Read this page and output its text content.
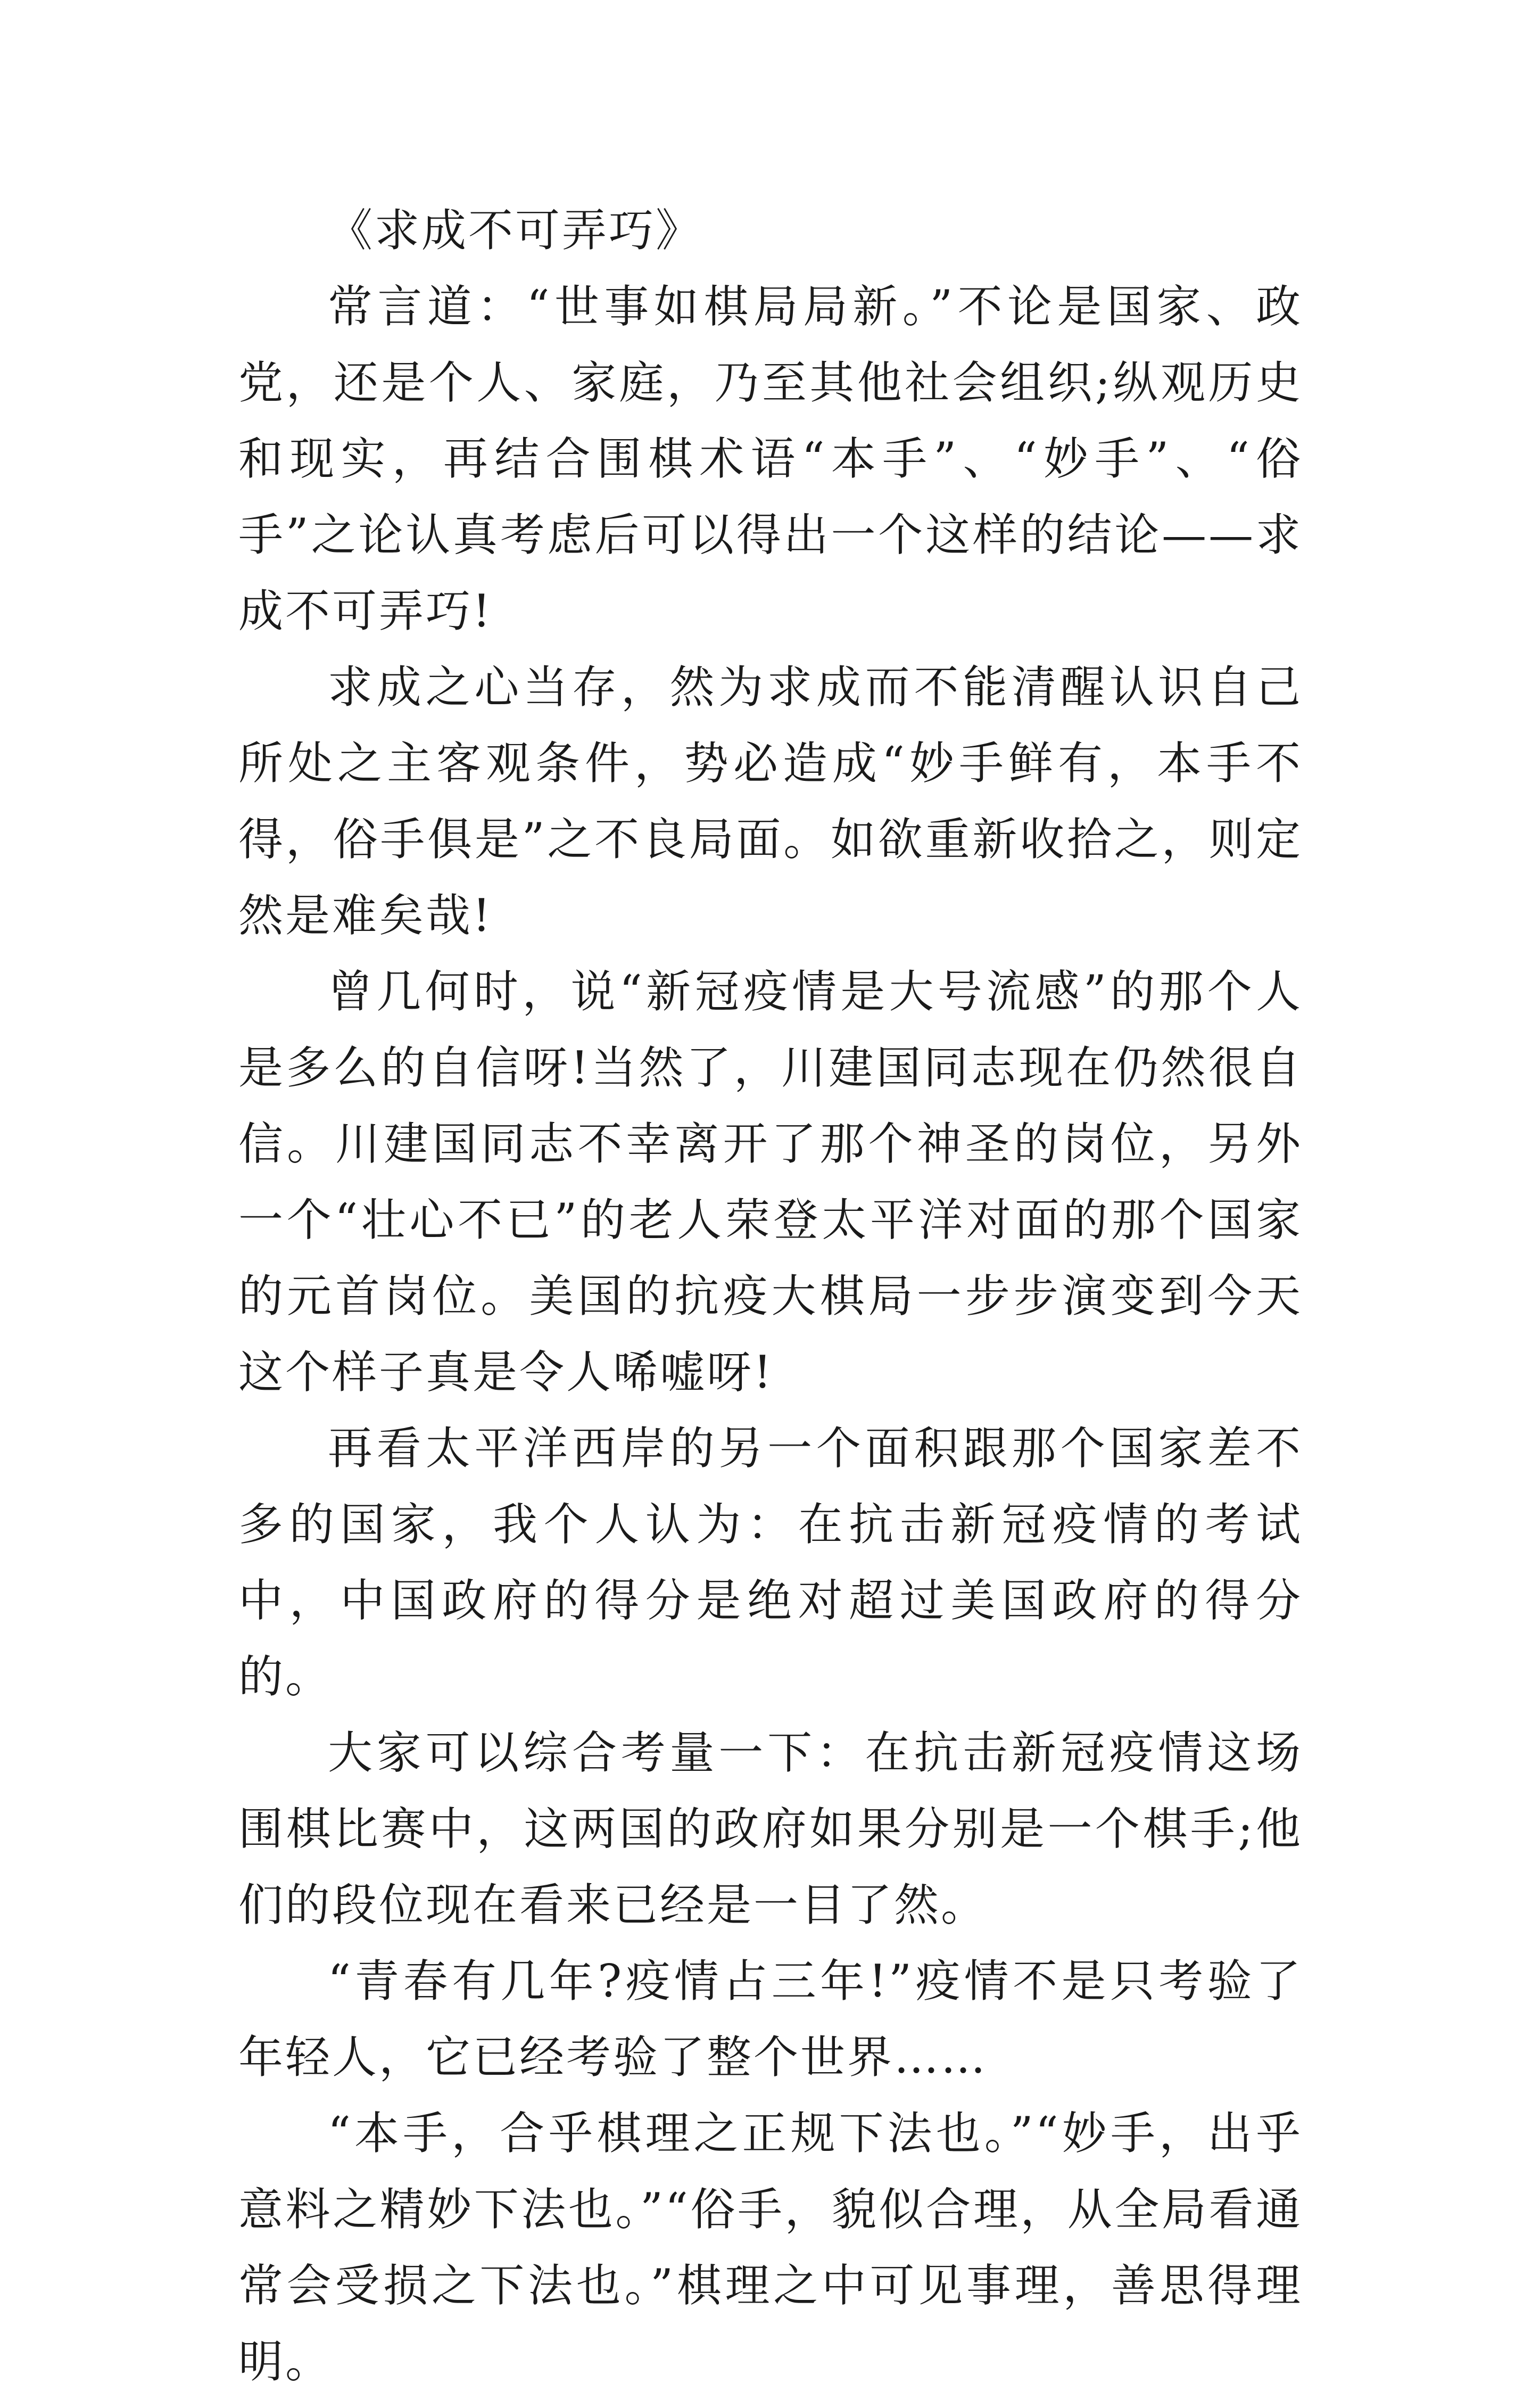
《求成不可弄巧》

常言道：“世事如棋局局新。”不论是国家、政党，还是个人、家庭，乃至其他社会组织;纵观历史和现实，再结合围棋术语“本手”、“妙手”、“俗手”之论认真考虑后可以得出一个这样的结论——求成不可弄巧!

求成之心当存，然为求成而不能清醒认识自己所处之主客观条件，势必造成“妙手鲜有，本手不得，俗手俱是”之不良局面。如欲重新收拾之，则定然是难矣哉!

曾几何时，说“新冠疫情是大号流感”的那个人是多么的自信呀!当然了，川建国同志现在仍然很自信。川建国同志不幸离开了那个神圣的岗位，另外一个“壮心不已”的老人荣登太平洋对面的那个国家的元首岗位。美国的抗疫大棋局一步步演变到今天这个样子真是令人唏嘘呀!

再看太平洋西岸的另一个面积跟那个国家差不多的国家，我个人认为：在抗击新冠疫情的考试中，中国政府的得分是绝对超过美国政府的得分的。

大家可以综合考量一下：在抗击新冠疫情这场围棋比赛中，这两国的政府如果分别是一个棋手;他们的段位现在看来已经是一目了然。

“青春有几年?疫情占三年!”疫情不是只考验了年轻人，它已经考验了整个世界……

“本手，合乎棋理之正规下法也。”“妙手，出乎意料之精妙下法也。”“俗手，貌似合理，从全局看通常会受损之下法也。”棋理之中可见事理，善思得理明。
